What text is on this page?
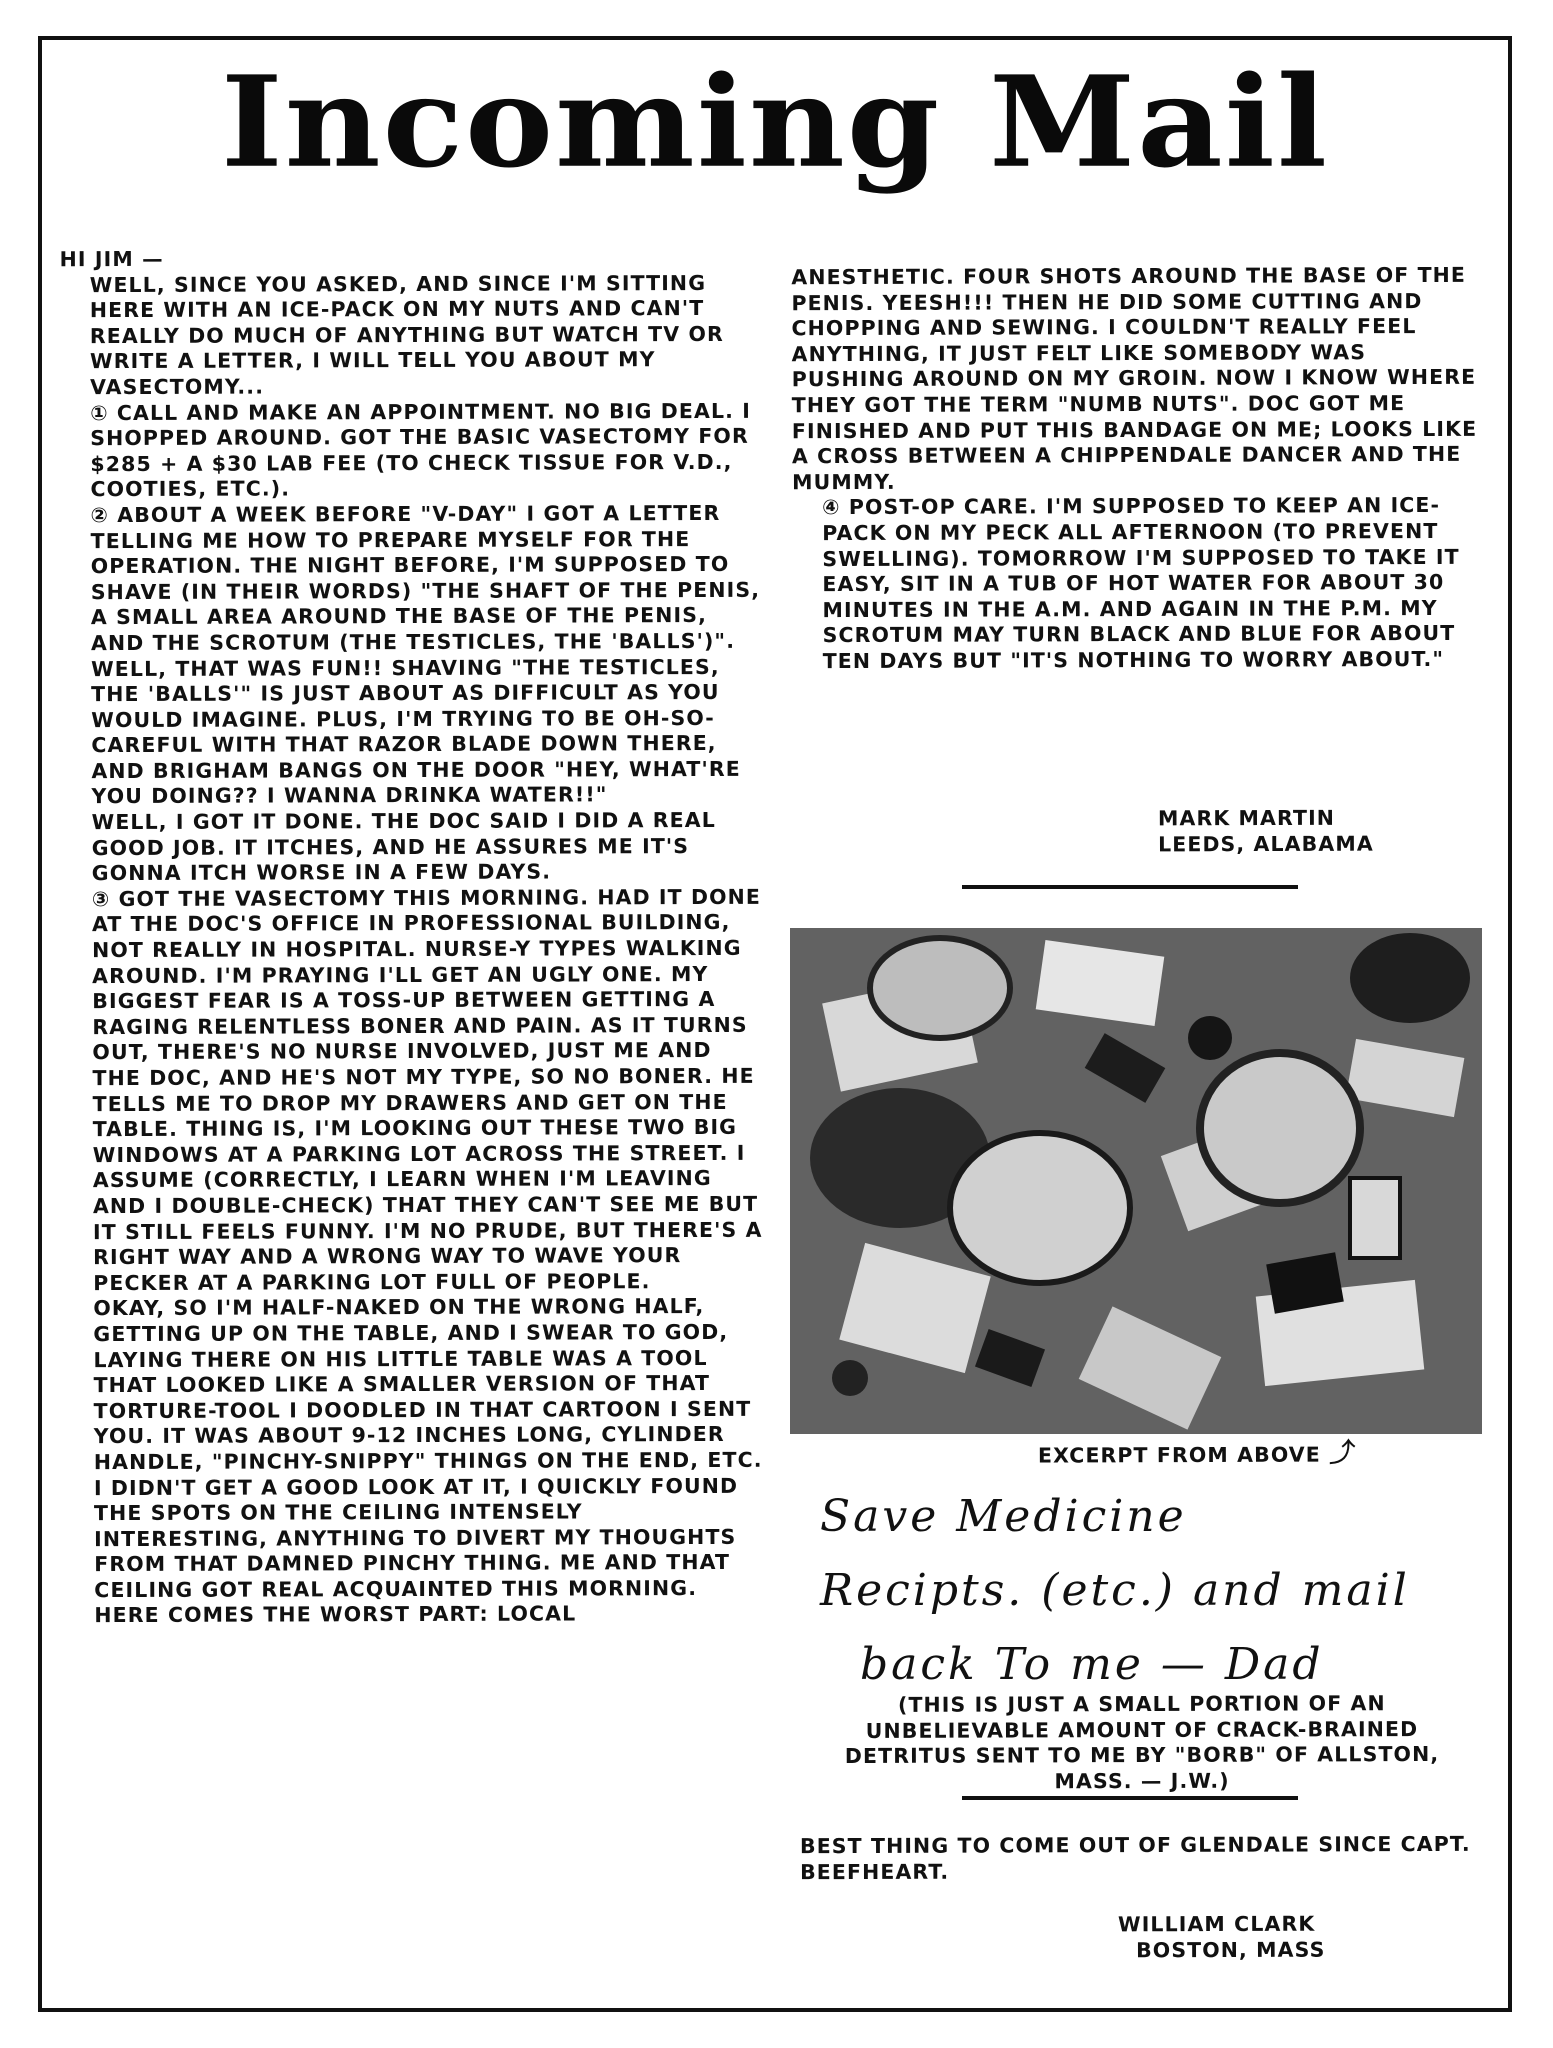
Incoming Mail

HI JIM —

WELL, SINCE YOU ASKED, AND SINCE I'M SITTING HERE WITH AN ICE-PACK ON MY NUTS AND CAN'T REALLY DO MUCH OF ANYTHING BUT WATCH TV OR WRITE A LETTER, I WILL TELL YOU ABOUT MY VASECTOMY...

① CALL AND MAKE AN APPOINTMENT. NO BIG DEAL. I SHOPPED AROUND. GOT THE BASIC VASECTOMY FOR $285 + A $30 LAB FEE (TO CHECK TISSUE FOR V.D., COOTIES, ETC.).

② ABOUT A WEEK BEFORE "V-DAY" I GOT A LETTER TELLING ME HOW TO PREPARE MYSELF FOR THE OPERATION. THE NIGHT BEFORE, I'M SUPPOSED TO SHAVE (IN THEIR WORDS) "THE SHAFT OF THE PENIS, A SMALL AREA AROUND THE BASE OF THE PENIS, AND THE SCROTUM (THE TESTICLES, THE 'BALLS')". WELL, THAT WAS FUN!! SHAVING "THE TESTICLES, THE 'BALLS'" IS JUST ABOUT AS DIFFICULT AS YOU WOULD IMAGINE. PLUS, I'M TRYING TO BE OH-SO-CAREFUL WITH THAT RAZOR BLADE DOWN THERE, AND BRIGHAM BANGS ON THE DOOR "HEY, WHAT'RE YOU DOING?? I WANNA DRINKA WATER!!"

WELL, I GOT IT DONE. THE DOC SAID I DID A REAL GOOD JOB. IT ITCHES, AND HE ASSURES ME IT'S GONNA ITCH WORSE IN A FEW DAYS.

③ GOT THE VASECTOMY THIS MORNING. HAD IT DONE AT THE DOC'S OFFICE IN PROFESSIONAL BUILDING, NOT REALLY IN HOSPITAL. NURSE-Y TYPES WALKING AROUND. I'M PRAYING I'LL GET AN UGLY ONE. MY BIGGEST FEAR IS A TOSS-UP BETWEEN GETTING A RAGING RELENTLESS BONER AND PAIN. AS IT TURNS OUT, THERE'S NO NURSE INVOLVED, JUST ME AND THE DOC, AND HE'S NOT MY TYPE, SO NO BONER. HE TELLS ME TO DROP MY DRAWERS AND GET ON THE TABLE. THING IS, I'M LOOKING OUT THESE TWO BIG WINDOWS AT A PARKING LOT ACROSS THE STREET. I ASSUME (CORRECTLY, I LEARN WHEN I'M LEAVING AND I DOUBLE-CHECK) THAT THEY CAN'T SEE ME BUT IT STILL FEELS FUNNY. I'M NO PRUDE, BUT THERE'S A RIGHT WAY AND A WRONG WAY TO WAVE YOUR PECKER AT A PARKING LOT FULL OF PEOPLE.

OKAY, SO I'M HALF-NAKED ON THE WRONG HALF, GETTING UP ON THE TABLE, AND I SWEAR TO GOD, LAYING THERE ON HIS LITTLE TABLE WAS A TOOL THAT LOOKED LIKE A SMALLER VERSION OF THAT TORTURE-TOOL I DOODLED IN THAT CARTOON I SENT YOU. IT WAS ABOUT 9-12 INCHES LONG, CYLINDER HANDLE, "PINCHY-SNIPPY" THINGS ON THE END, ETC. I DIDN'T GET A GOOD LOOK AT IT, I QUICKLY FOUND THE SPOTS ON THE CEILING INTENSELY INTERESTING, ANYTHING TO DIVERT MY THOUGHTS FROM THAT DAMNED PINCHY THING. ME AND THAT CEILING GOT REAL ACQUAINTED THIS MORNING.

HERE COMES THE WORST PART: LOCAL

ANESTHETIC. FOUR SHOTS AROUND THE BASE OF THE PENIS. YEESH!!! THEN HE DID SOME CUTTING AND CHOPPING AND SEWING. I COULDN'T REALLY FEEL ANYTHING, IT JUST FELT LIKE SOMEBODY WAS PUSHING AROUND ON MY GROIN. NOW I KNOW WHERE THEY GOT THE TERM "NUMB NUTS". DOC GOT ME FINISHED AND PUT THIS BANDAGE ON ME; LOOKS LIKE A CROSS BETWEEN A CHIPPENDALE DANCER AND THE MUMMY.

④ POST-OP CARE. I'M SUPPOSED TO KEEP AN ICE-PACK ON MY PECK ALL AFTERNOON (TO PREVENT SWELLING). TOMORROW I'M SUPPOSED TO TAKE IT EASY, SIT IN A TUB OF HOT WATER FOR ABOUT 30 MINUTES IN THE A.M. AND AGAIN IN THE P.M. MY SCROTUM MAY TURN BLACK AND BLUE FOR ABOUT TEN DAYS BUT "IT'S NOTHING TO WORRY ABOUT."

MARK MARTIN
LEEDS, ALABAMA
EXCERPT FROM ABOVE ⤴
Save Medicine
Recipts. (etc.) and mail
back To me — Dad
(THIS IS JUST A SMALL PORTION OF AN UNBELIEVABLE AMOUNT OF CRACK-BRAINED DETRITUS SENT TO ME BY "BORB" OF ALLSTON, MASS. — J.W.)
BEST THING TO COME OUT OF GLENDALE SINCE CAPT. BEEFHEART.
WILLIAM CLARK
BOSTON, MASS
